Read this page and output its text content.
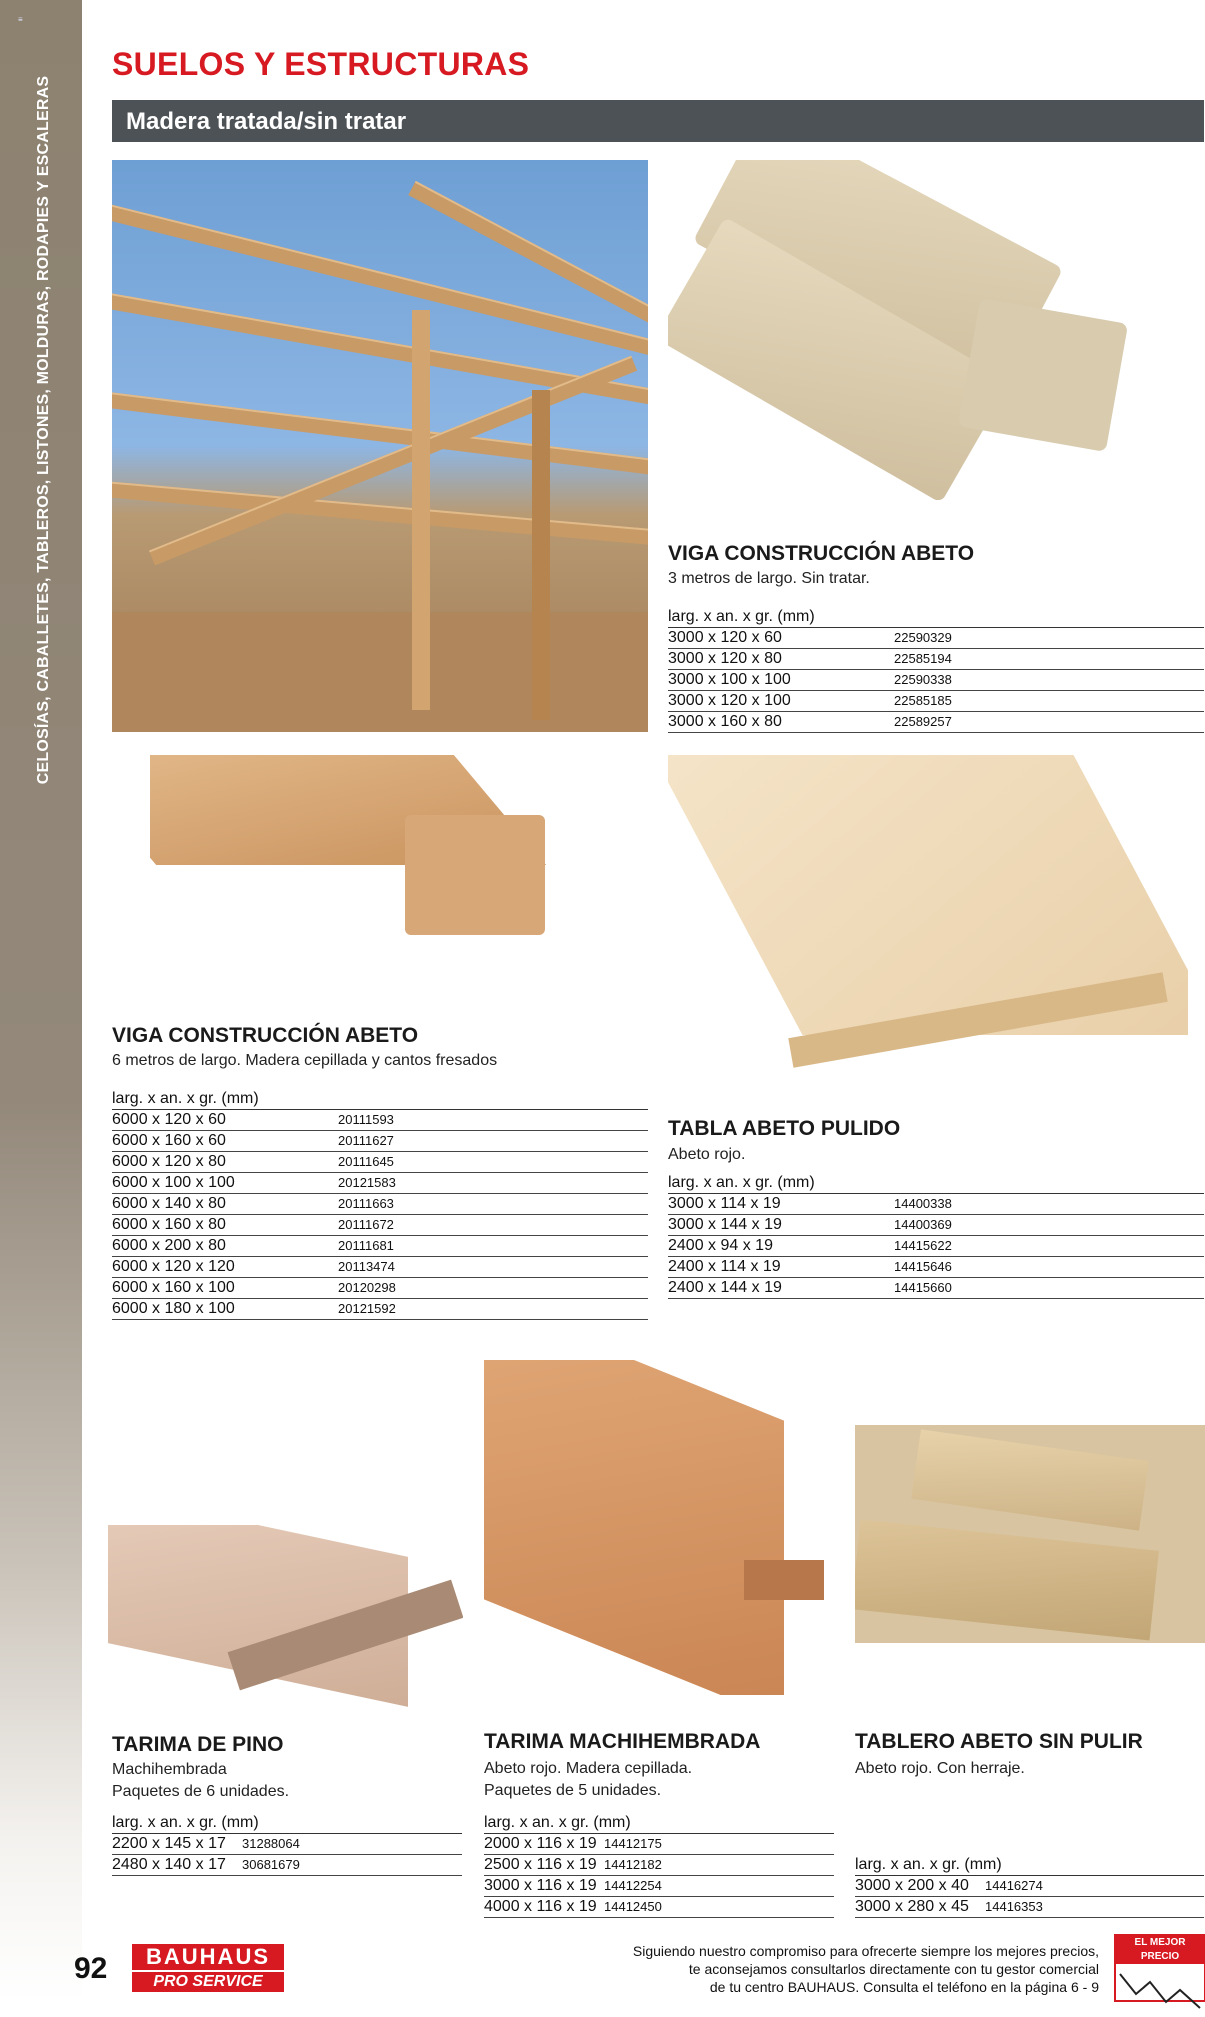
≡
CELOSÍAS, CABALLETES, TABLEROS, LISTONES, MOLDURAS, RODAPIES Y ESCALERAS
SUELOS Y ESTRUCTURAS
Madera tratada/sin tratar
VIGA CONSTRUCCIÓN ABETO
3 metros de largo. Sin tratar.
larg. x an. x gr. (mm)
3000 x 120 x 60	22590329
3000 x 120 x 80	22585194
3000 x 100 x 100	22590338
3000 x 120 x 100	22585185
3000 x 160 x 80	22589257
VIGA CONSTRUCCIÓN ABETO
6 metros de largo. Madera cepillada y cantos fresados
larg. x an. x gr. (mm)
6000 x 120 x 60	20111593
6000 x 160 x 60	20111627
6000 x 120 x 80	20111645
6000 x 100 x 100	20121583
6000 x 140 x 80	20111663
6000 x 160 x 80	20111672
6000 x 200 x 80	20111681
6000 x 120 x 120	20113474
6000 x 160 x 100	20120298
6000 x 180 x 100	20121592
TABLA ABETO PULIDO
Abeto rojo.
larg. x an. x gr. (mm)
3000 x 114 x 19	14400338
3000 x 144 x 19	14400369
2400 x 94 x 19	14415622
2400 x 114 x 19	14415646
2400 x 144 x 19	14415660
TARIMA DE PINO
Machihembrada
Paquetes de 6 unidades.
larg. x an. x gr. (mm)
2200 x 145 x 17 31288064
2480 x 140 x 17 30681679
TARIMA MACHIHEMBRADA
Abeto rojo. Madera cepillada.
Paquetes de 5 unidades.
larg. x an. x gr. (mm)
2000 x 116 x 19 14412175
2500 x 116 x 19 14412182
3000 x 116 x 19 14412254
4000 x 116 x 19 14412450
TABLERO ABETO SIN PULIR
Abeto rojo. Con herraje.
larg. x an. x gr. (mm)
3000 x 200 x 40 14416274
3000 x 280 x 45 14416353
92	BAUHAUS
PRO SERVICE
Siguiendo nuestro compromiso para ofrecerte siempre los mejores precios,
te aconsejamos consultarlos directamente con tu gestor comercial
de tu centro BAUHAUS. Consulta el teléfono en la página 6 - 9
EL MEJOR PRECIO
